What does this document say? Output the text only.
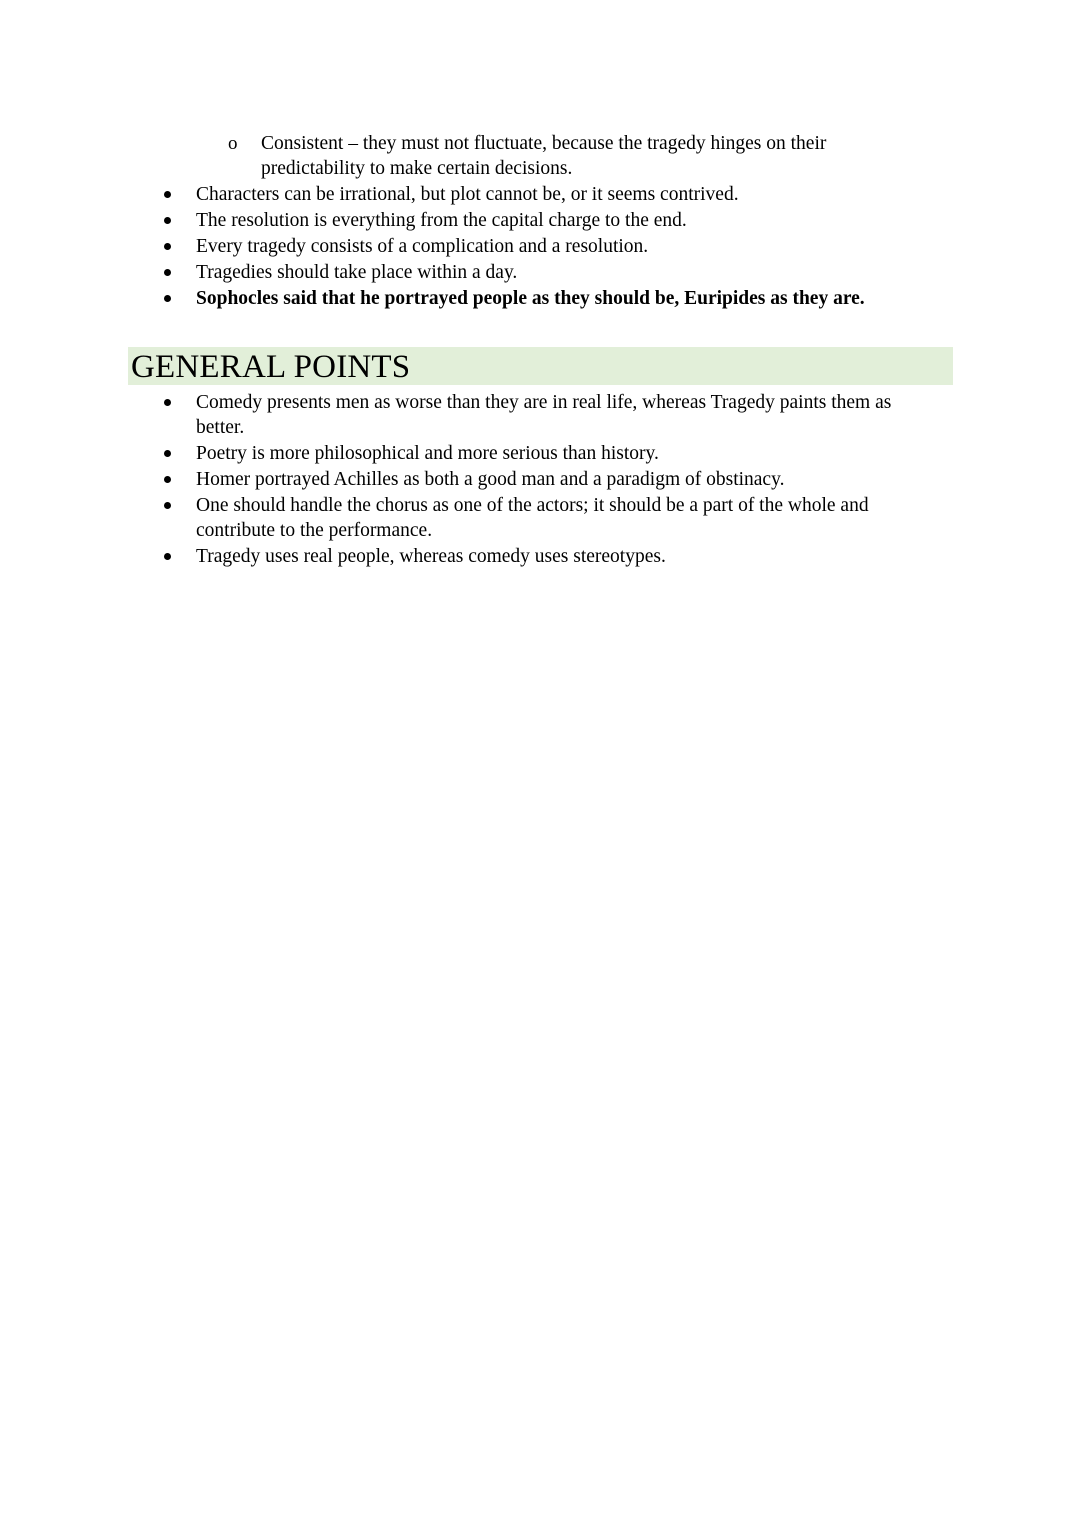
o Consistent – they must not fluctuate, because the tragedy hinges on their predictability to make certain decisions.
Characters can be irrational, but plot cannot be, or it seems contrived.
The resolution is everything from the capital charge to the end.
Every tragedy consists of a complication and a resolution.
Tragedies should take place within a day.
Sophocles said that he portrayed people as they should be, Euripides as they are.
GENERAL POINTS
Comedy presents men as worse than they are in real life, whereas Tragedy paints them as better.
Poetry is more philosophical and more serious than history.
Homer portrayed Achilles as both a good man and a paradigm of obstinacy.
One should handle the chorus as one of the actors; it should be a part of the whole and contribute to the performance.
Tragedy uses real people, whereas comedy uses stereotypes.
